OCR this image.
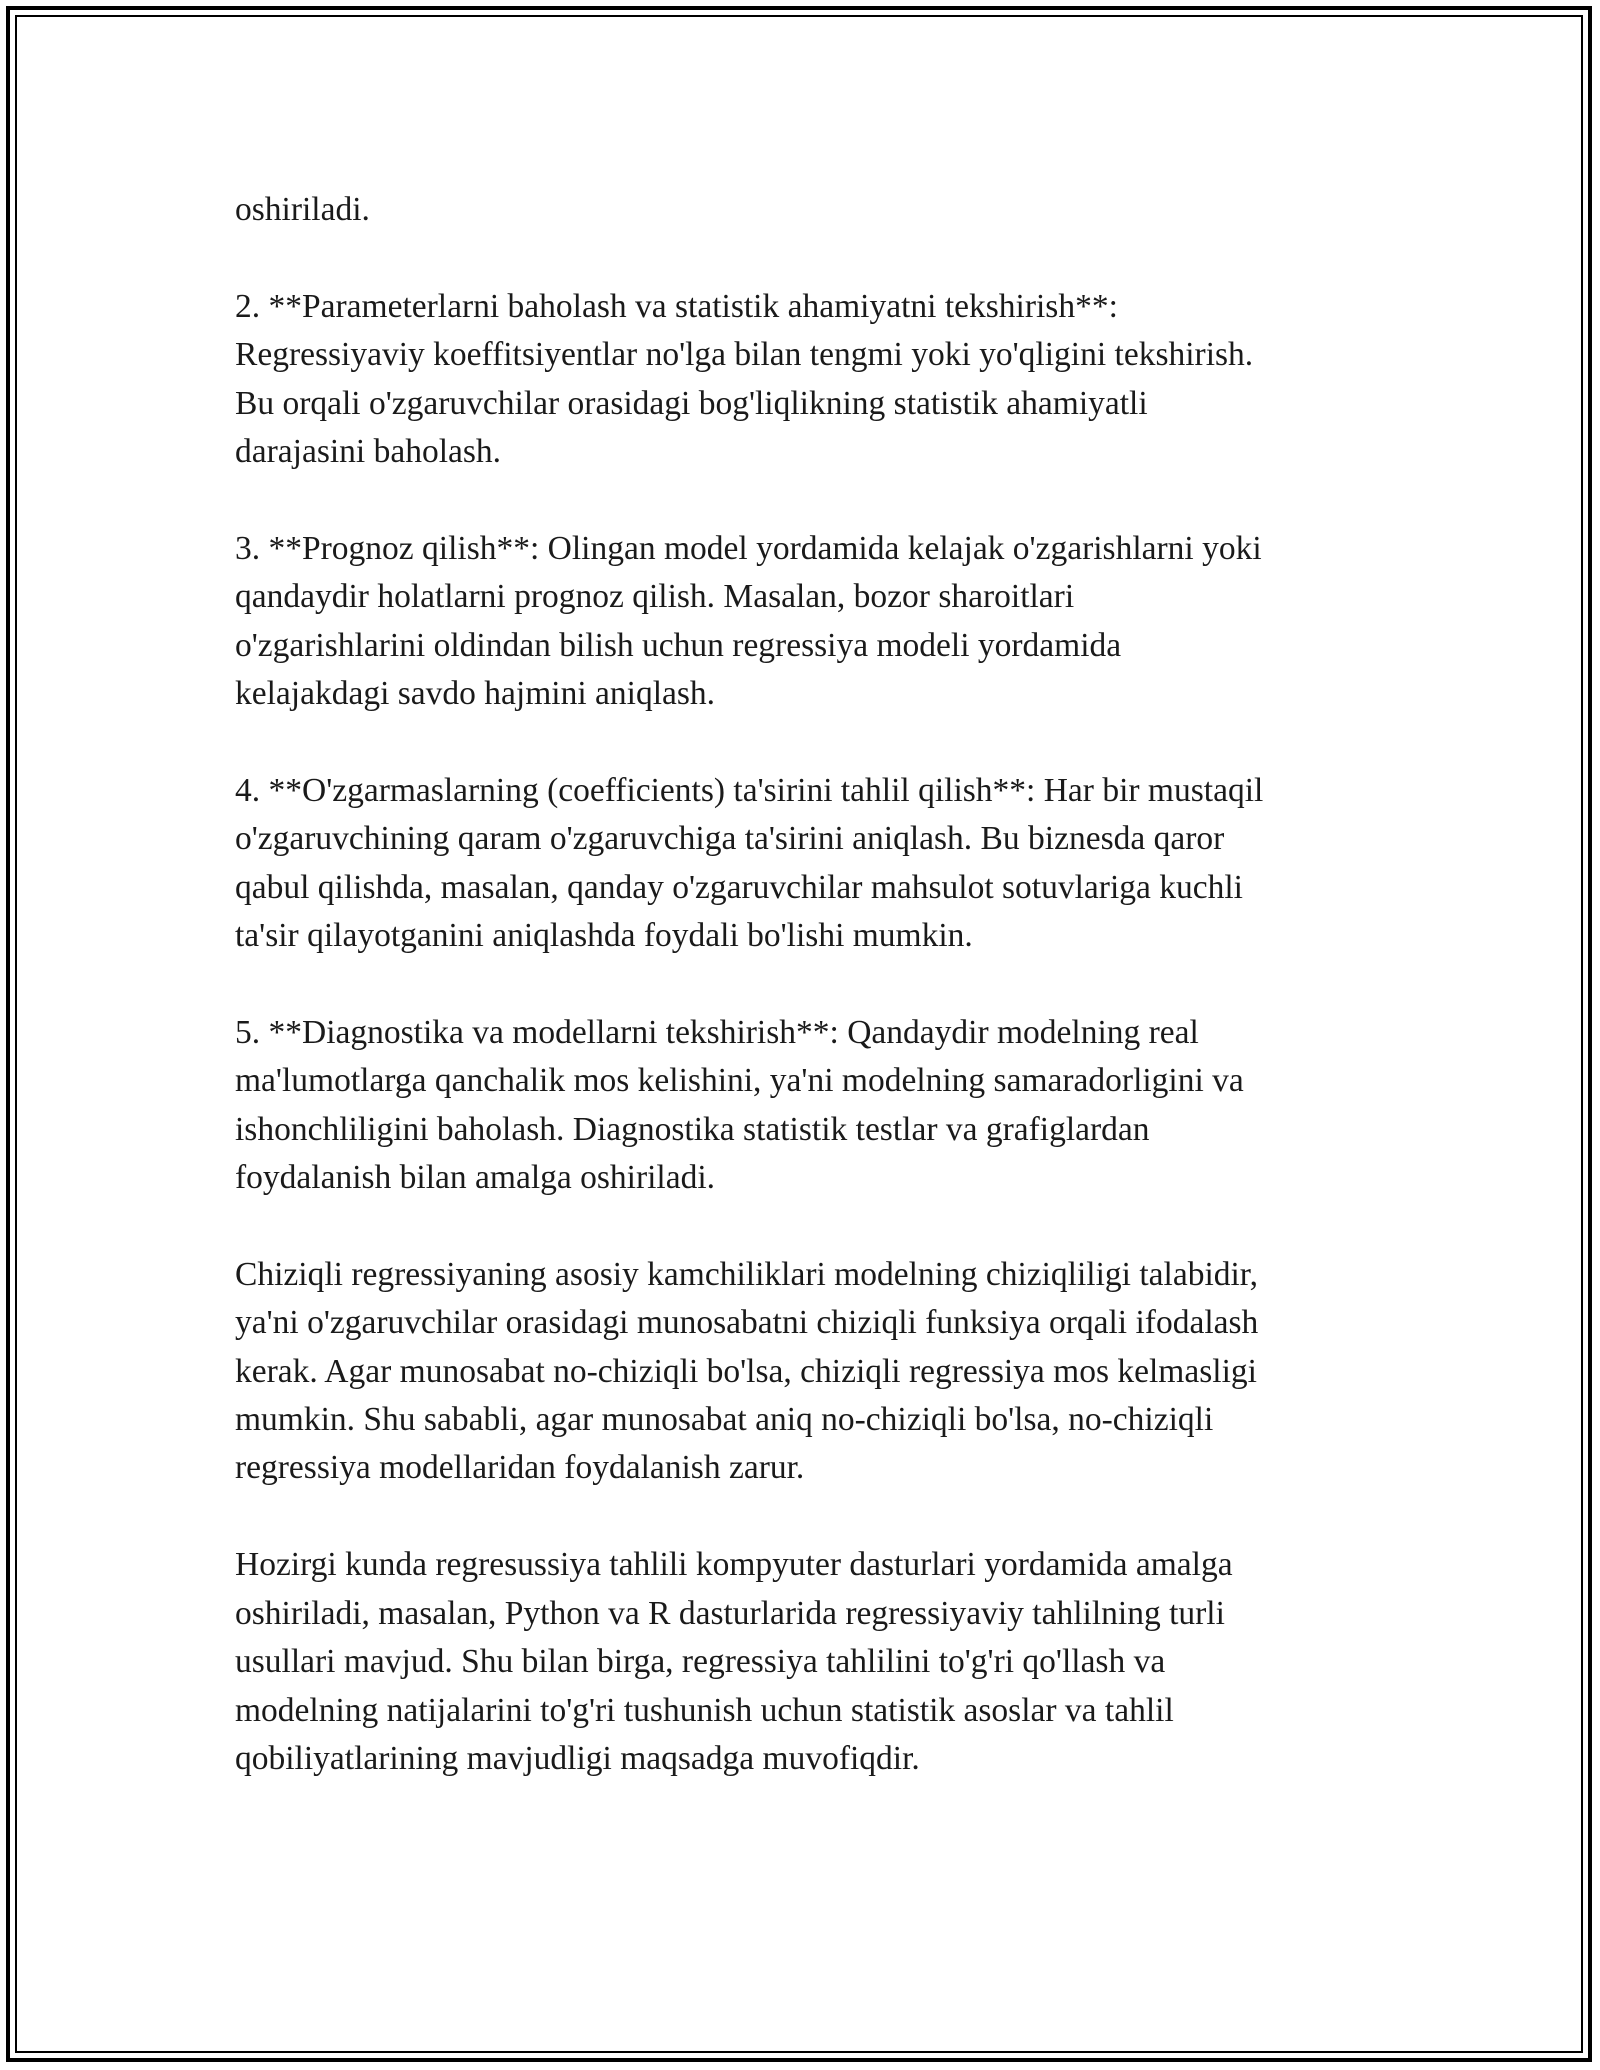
oshiriladi.

2. **Parameterlarni baholash va statistik ahamiyatni tekshirish**:
Regressiyaviy koeffitsiyentlar no'lga bilan tengmi yoki yo'qligini tekshirish.
Bu orqali o'zgaruvchilar orasidagi bog'liqlikning statistik ahamiyatli
darajasini baholash.

3. **Prognoz qilish**: Olingan model yordamida kelajak o'zgarishlarni yoki
qandaydir holatlarni prognoz qilish. Masalan, bozor sharoitlari
o'zgarishlarini oldindan bilish uchun regressiya modeli yordamida
kelajakdagi savdo hajmini aniqlash.

4. **O'zgarmaslarning (coefficients) ta'sirini tahlil qilish**: Har bir mustaqil
o'zgaruvchining qaram o'zgaruvchiga ta'sirini aniqlash. Bu biznesda qaror
qabul qilishda, masalan, qanday o'zgaruvchilar mahsulot sotuvlariga kuchli
ta'sir qilayotganini aniqlashda foydali bo'lishi mumkin.

5. **Diagnostika va modellarni tekshirish**: Qandaydir modelning real
ma'lumotlarga qanchalik mos kelishini, ya'ni modelning samaradorligini va
ishonchliligini baholash. Diagnostika statistik testlar va grafiglardan
foydalanish bilan amalga oshiriladi.

Chiziqli regressiyaning asosiy kamchiliklari modelning chiziqliligi talabidir,
ya'ni o'zgaruvchilar orasidagi munosabatni chiziqli funksiya orqali ifodalash
kerak. Agar munosabat no-chiziqli bo'lsa, chiziqli regressiya mos kelmasligi
mumkin. Shu sababli, agar munosabat aniq no-chiziqli bo'lsa, no-chiziqli
regressiya modellaridan foydalanish zarur.

Hozirgi kunda regresussiya tahlili kompyuter dasturlari yordamida amalga
oshiriladi, masalan, Python va R dasturlarida regressiyaviy tahlilning turli
usullari mavjud. Shu bilan birga, regressiya tahlilini to'g'ri qo'llash va
modelning natijalarini to'g'ri tushunish uchun statistik asoslar va tahlil
qobiliyatlarining mavjudligi maqsadga muvofiqdir.
